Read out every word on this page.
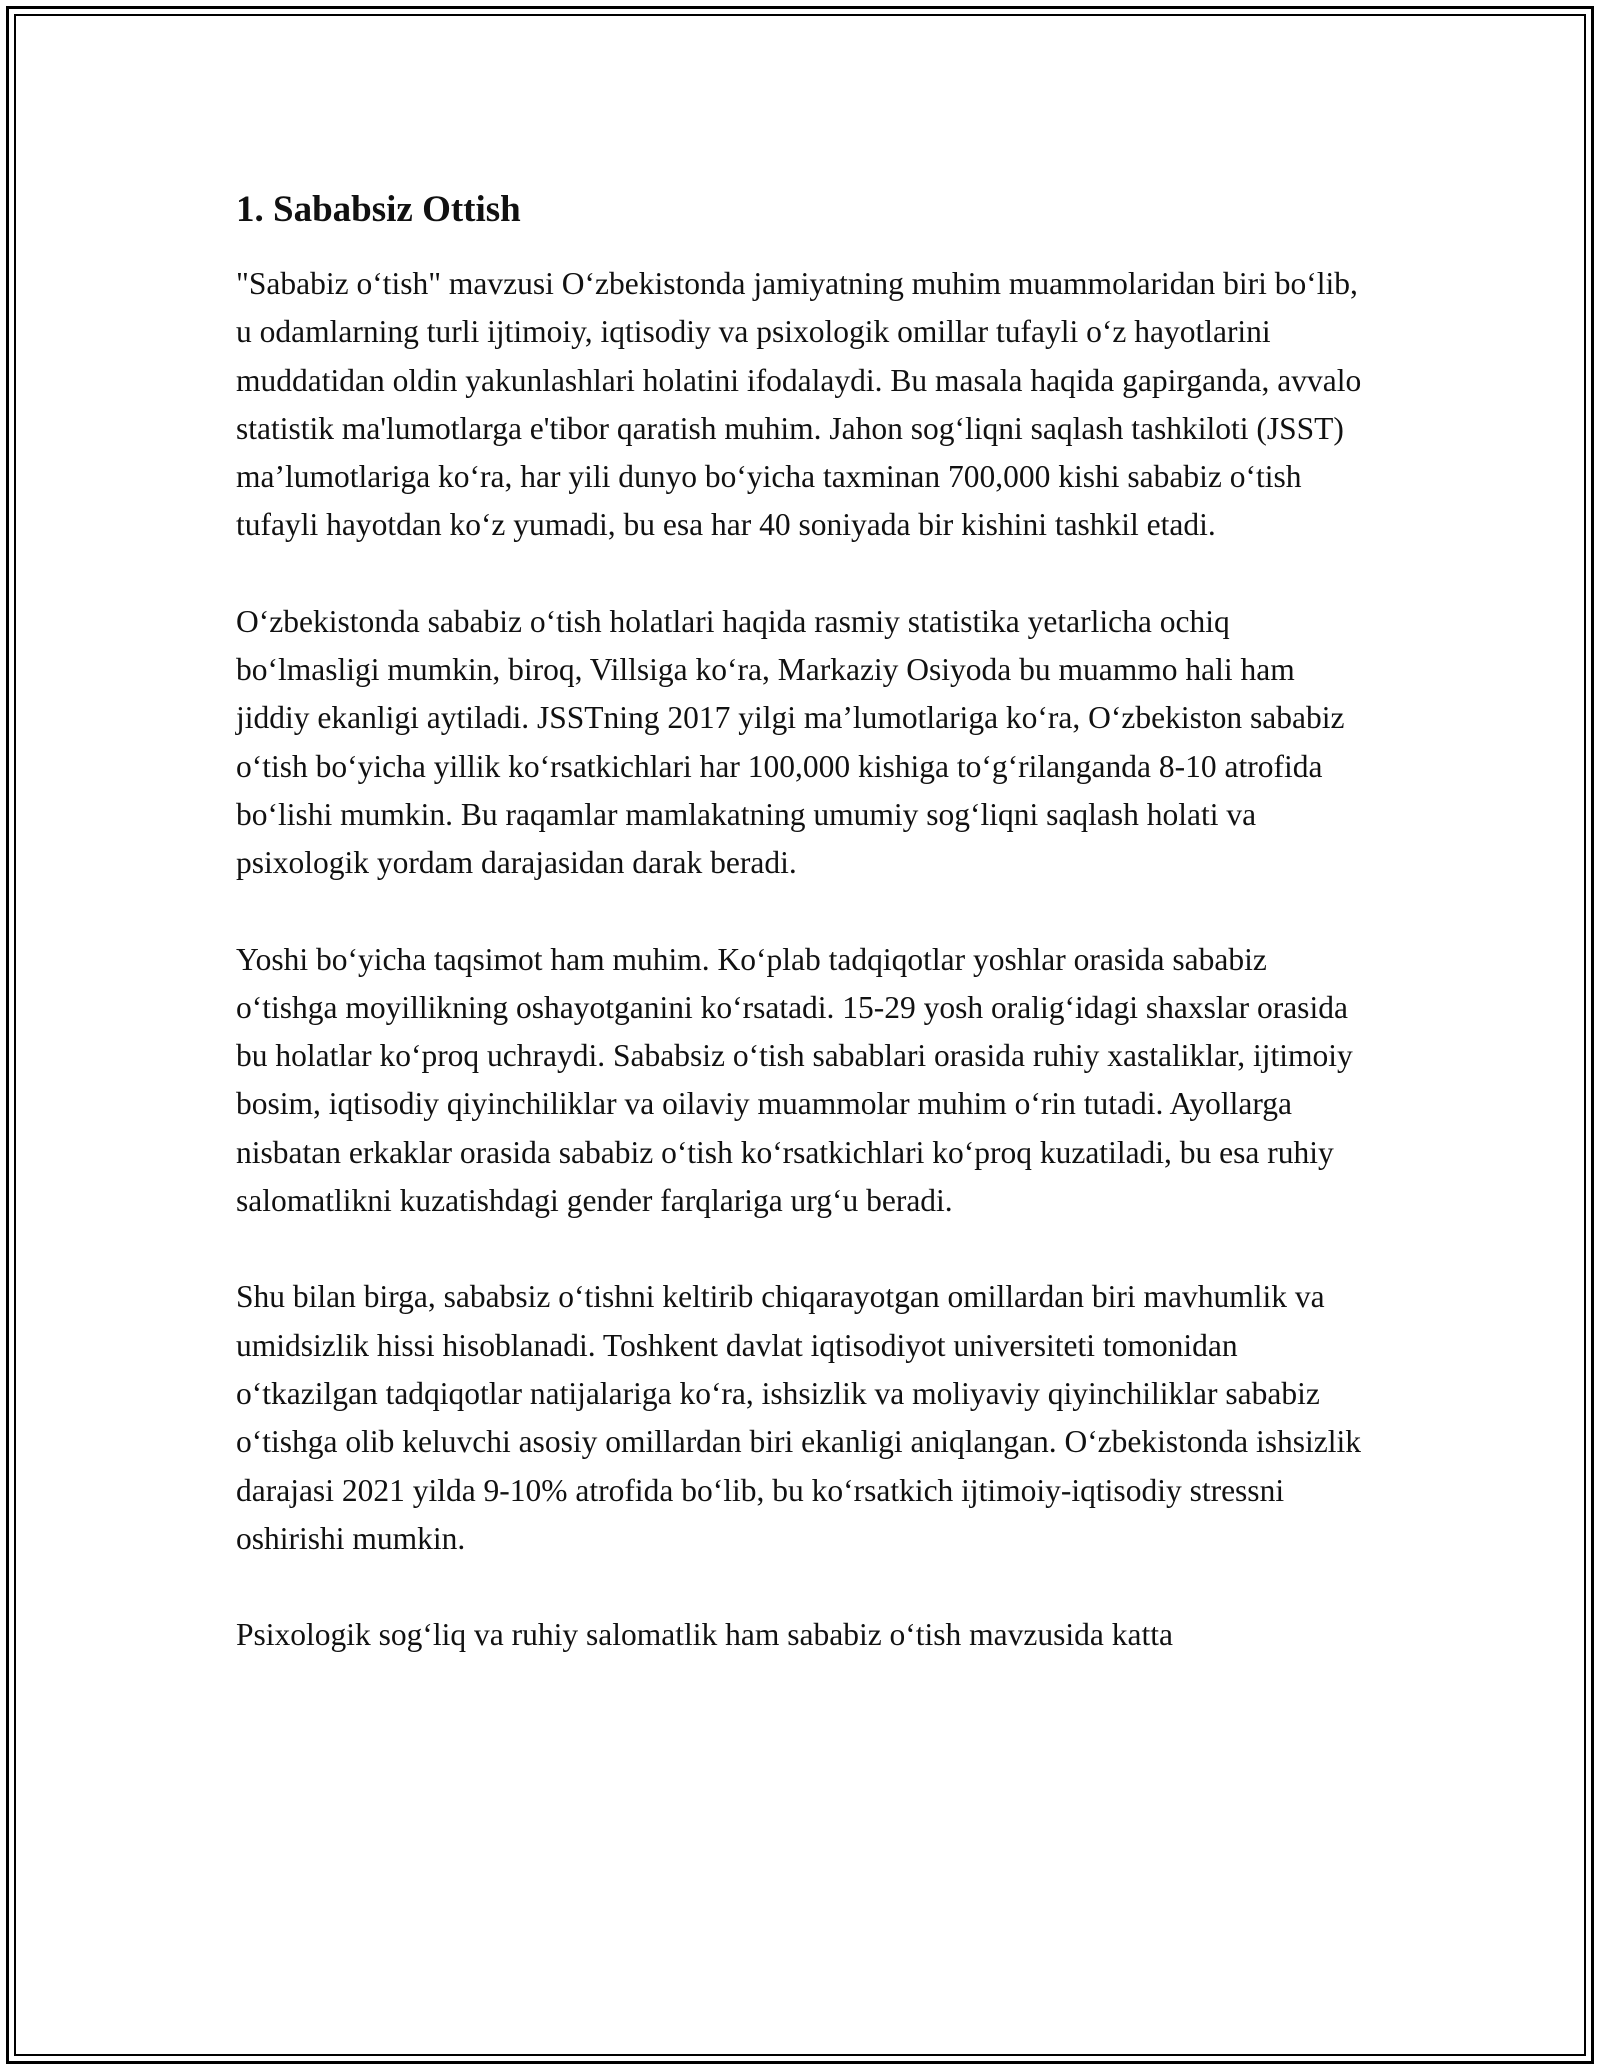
1. Sababsiz Ottish

"Sababiz o‘tish" mavzusi O‘zbekistonda jamiyatning muhim muammolaridan biri bo‘lib, u odamlarning turli ijtimoiy, iqtisodiy va psixologik omillar tufayli o‘z hayotlarini muddatidan oldin yakunlashlari holatini ifodalaydi. Bu masala haqida gapirganda, avvalo statistik ma'lumotlarga e'tibor qaratish muhim. Jahon sog‘liqni saqlash tashkiloti (JSST) ma’lumotlariga ko‘ra, har yili dunyo bo‘yicha taxminan 700,000 kishi sababiz o‘tish tufayli hayotdan ko‘z yumadi, bu esa har 40 soniyada bir kishini tashkil etadi.

O‘zbekistonda sababiz o‘tish holatlari haqida rasmiy statistika yetarlicha ochiq bo‘lmasligi mumkin, biroq, Villsiga ko‘ra, Markaziy Osiyoda bu muammo hali ham jiddiy ekanligi aytiladi. JSSTning 2017 yilgi ma’lumotlariga ko‘ra, O‘zbekiston sababiz o‘tish bo‘yicha yillik ko‘rsatkichlari har 100,000 kishiga to‘g‘rilanganda 8-10 atrofida bo‘lishi mumkin. Bu raqamlar mamlakatning umumiy sog‘liqni saqlash holati va psixologik yordam darajasidan darak beradi.

Yoshi bo‘yicha taqsimot ham muhim. Ko‘plab tadqiqotlar yoshlar orasida sababiz o‘tishga moyillikning oshayotganini ko‘rsatadi. 15-29 yosh oralig‘idagi shaxslar orasida bu holatlar ko‘proq uchraydi. Sababsiz o‘tish sabablari orasida ruhiy xastaliklar, ijtimoiy bosim, iqtisodiy qiyinchiliklar va oilaviy muammolar muhim o‘rin tutadi. Ayollarga nisbatan erkaklar orasida sababiz o‘tish ko‘rsatkichlari ko‘proq kuzatiladi, bu esa ruhiy salomatlikni kuzatishdagi gender farqlariga urg‘u beradi.

Shu bilan birga, sababsiz o‘tishni keltirib chiqarayotgan omillardan biri mavhumlik va umidsizlik hissi hisoblanadi. Toshkent davlat iqtisodiyot universiteti tomonidan o‘tkazilgan tadqiqotlar natijalariga ko‘ra, ishsizlik va moliyaviy qiyinchiliklar sababiz o‘tishga olib keluvchi asosiy omillardan biri ekanligi aniqlangan. O‘zbekistonda ishsizlik darajasi 2021 yilda 9-10% atrofida bo‘lib, bu ko‘rsatkich ijtimoiy-iqtisodiy stressni oshirishi mumkin.

Psixologik sog‘liq va ruhiy salomatlik ham sababiz o‘tish mavzusida katta
